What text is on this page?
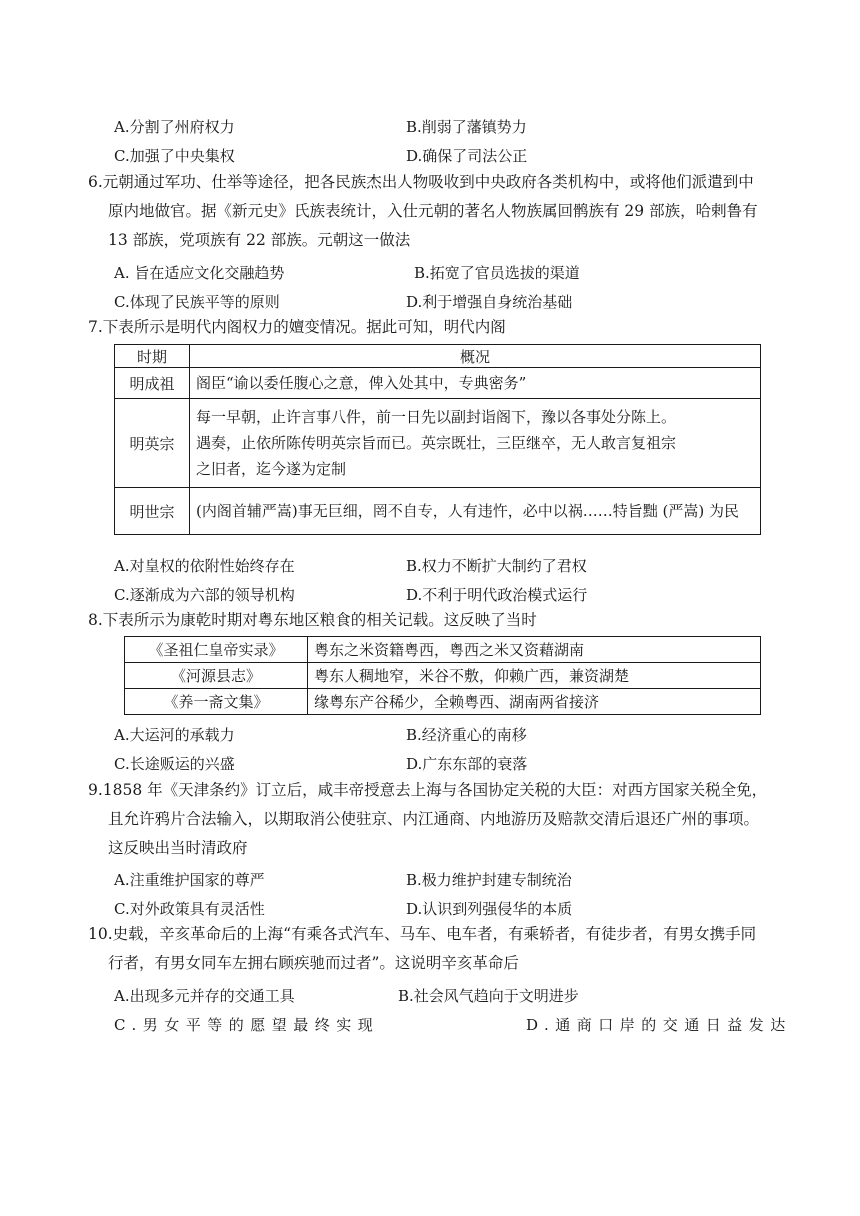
A.分割了州府权力	B.削弱了藩镇势力
C.加强了中央集权	D.确保了司法公正
6.元朝通过军功、仕举等途径，把各民族杰出人物吸收到中央政府各类机构中，或将他们派遣到中
原内地做官。据《新元史》氏族表统计，入仕元朝的著名人物族属回鹘族有 29 部族，哈剌鲁有
13 部族，党项族有 22 部族。元朝这一做法
A. 旨在适应文化交融趋势	B.拓宽了官员选拔的渠道
C.体现了民族平等的原则	D.利于增强自身统治基础
7.下表所示是明代内阁权力的嬗变情况。据此可知，明代内阁
时期	概况
明成祖	阁臣“谕以委任腹心之意，俾入处其中，专典密务”
明英宗	每一早朝，止许言事八件，前一日先以副封诣阁下，豫以各事处分陈上。遇奏，止依所陈传明英宗旨而已。英宗既壮，三臣继卒，无人敢言复祖宗之旧者，迄今遂为定制
明世宗	(内阁首辅严嵩)事无巨细，罔不自专，人有违忤，必中以祸……特旨黜 (严嵩) 为民
A.对皇权的依附性始终存在	B.权力不断扩大制约了君权
C.逐渐成为六部的领导机构	D.不利于明代政治模式运行
8.下表所示为康乾时期对粤东地区粮食的相关记载。这反映了当时
《圣祖仁皇帝实录》	粤东之米资籍粤西，粤西之米又资藉湖南
《河源县志》	粤东人稠地窄，米谷不敷，仰赖广西，兼资湖楚
《养一斋文集》	缘粤东产谷稀少，全赖粤西、湖南两省接济
A.大运河的承载力	B.经济重心的南移
C.长途贩运的兴盛	D.广东东部的衰落
9.1858 年《天津条约》订立后，咸丰帝授意去上海与各国协定关税的大臣：对西方国家关税全免，
且允许鸦片合法输入，以期取消公使驻京、内江通商、内地游历及赔款交清后退还广州的事项。
这反映出当时清政府
A.注重维护国家的尊严	B.极力维护封建专制统治
C.对外政策具有灵活性	D.认识到列强侵华的本质
10.史载，辛亥革命后的上海“有乘各式汽车、马车、电车者，有乘轿者，有徒步者，有男女携手同
行者，有男女同车左拥右顾疾驰而过者”。这说明辛亥革命后
A.出现多元并存的交通工具	B.社会风气趋向于文明进步
C.男女平等的愿望最终实现	D.通商口岸的交通日益发达
